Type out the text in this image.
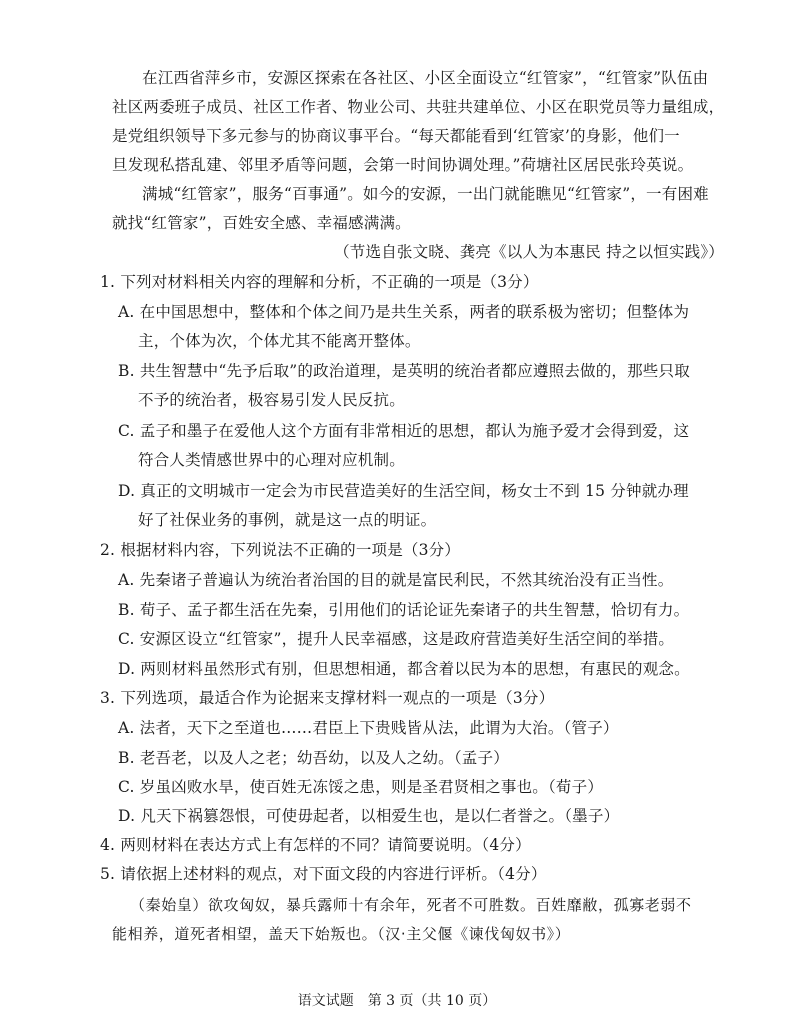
在江西省萍乡市，安源区探索在各社区、小区全面设立“红管家”，“红管家”队伍由
社区两委班子成员、社区工作者、物业公司、共驻共建单位、小区在职党员等力量组成，
是党组织领导下多元参与的协商议事平台。“每天都能看到‘红管家’的身影，他们一
旦发现私搭乱建、邻里矛盾等问题，会第一时间协调处理。”荷塘社区居民张玲英说。
满城“红管家”，服务“百事通”。如今的安源，一出门就能瞧见“红管家”，一有困难
就找“红管家”，百姓安全感、幸福感满满。
（节选自张文晓、龚亮《以人为本惠民 持之以恒实践》）
1. 下列对材料相关内容的理解和分析，不正确的一项是（3分）
A. 在中国思想中，整体和个体之间乃是共生关系，两者的联系极为密切；但整体为
主，个体为次，个体尤其不能离开整体。
B. 共生智慧中“先予后取”的政治道理，是英明的统治者都应遵照去做的，那些只取
不予的统治者，极容易引发人民反抗。
C. 孟子和墨子在爱他人这个方面有非常相近的思想，都认为施予爱才会得到爱，这
符合人类情感世界中的心理对应机制。
D. 真正的文明城市一定会为市民营造美好的生活空间，杨女士不到 15 分钟就办理
好了社保业务的事例，就是这一点的明证。
2. 根据材料内容，下列说法不正确的一项是（3分）
A. 先秦诸子普遍认为统治者治国的目的就是富民利民，不然其统治没有正当性。
B. 荀子、孟子都生活在先秦，引用他们的话论证先秦诸子的共生智慧，恰切有力。
C. 安源区设立“红管家”，提升人民幸福感，这是政府营造美好生活空间的举措。
D. 两则材料虽然形式有别，但思想相通，都含着以民为本的思想，有惠民的观念。
3. 下列选项，最适合作为论据来支撑材料一观点的一项是（3分）
A. 法者，天下之至道也……君臣上下贵贱皆从法，此谓为大治。（管子）
B. 老吾老，以及人之老；幼吾幼，以及人之幼。（孟子）
C. 岁虽凶败水旱，使百姓无冻馁之患，则是圣君贤相之事也。（荀子）
D. 凡天下祸篡怨恨，可使毋起者，以相爱生也，是以仁者誉之。（墨子）
4. 两则材料在表达方式上有怎样的不同？请简要说明。（4分）
5. 请依据上述材料的观点，对下面文段的内容进行评析。（4分）
（秦始皇）欲攻匈奴，暴兵露师十有余年，死者不可胜数。百姓靡敝，孤寡老弱不
能相养，道死者相望，盖天下始叛也。（汉·主父偃《谏伐匈奴书》）
语文试题　第 3 页（共 10 页）
